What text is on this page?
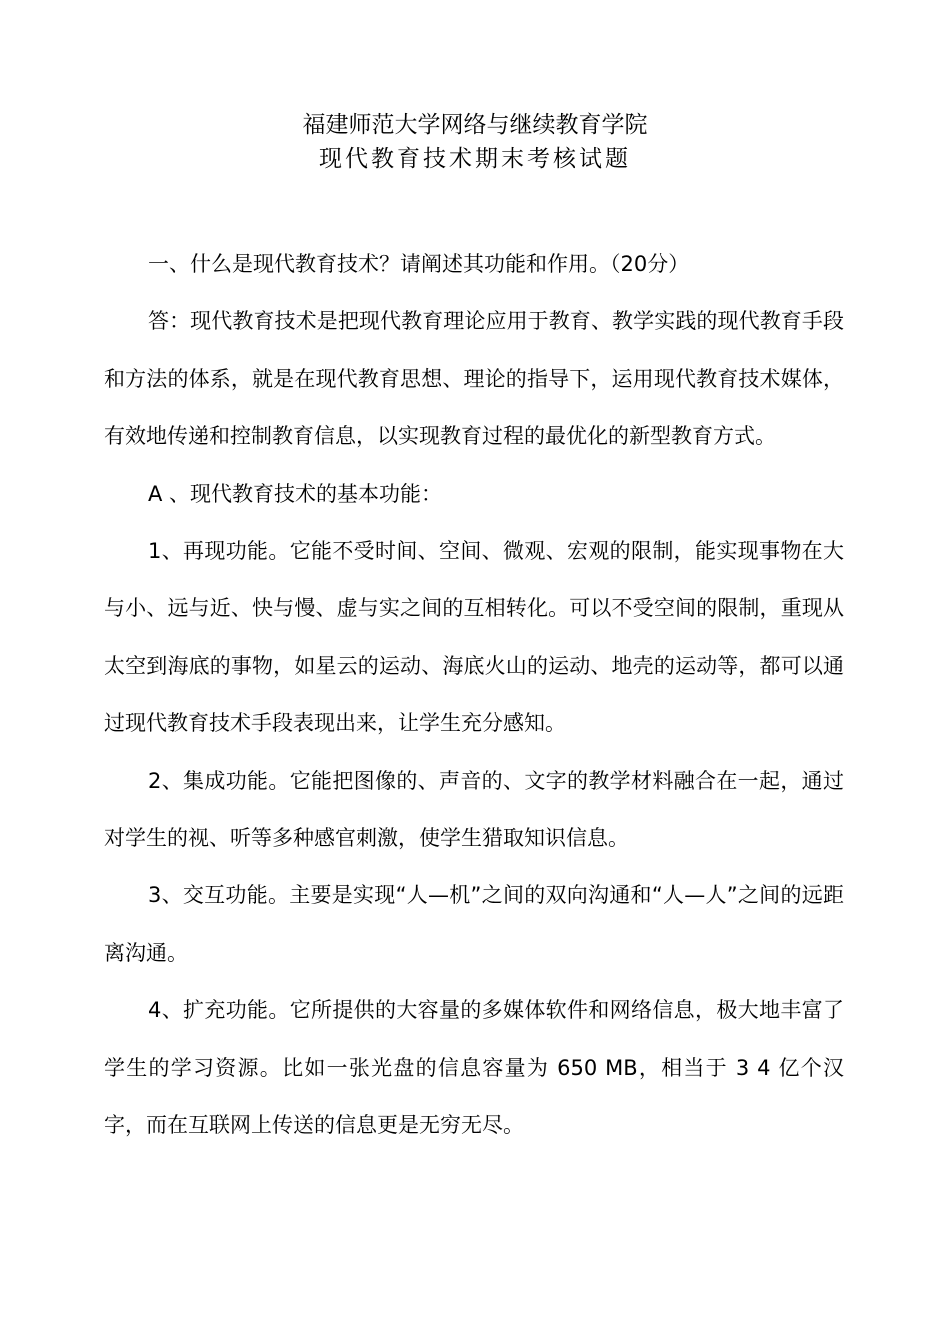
福建师范大学网络与继续教育学院
现代教育技术期末考核试题

一、什么是现代教育技术？请阐述其功能和作用。（20分）

答：现代教育技术是把现代教育理论应用于教育、教学实践的现代教育手段和方法的体系，就是在现代教育思想、理论的指导下，运用现代教育技术媒体，有效地传递和控制教育信息，以实现教育过程的最优化的新型教育方式。

A 、现代教育技术的基本功能：

1、再现功能。它能不受时间、空间、微观、宏观的限制，能实现事物在大与小、远与近、快与慢、虚与实之间的互相转化。可以不受空间的限制，重现从太空到海底的事物，如星云的运动、海底火山的运动、地壳的运动等，都可以通过现代教育技术手段表现出来，让学生充分感知。

2、集成功能。它能把图像的、声音的、文字的教学材料融合在一起，通过对学生的视、听等多种感官刺激，使学生猎取知识信息。

3、交互功能。主要是实现“人—机”之间的双向沟通和“人—人”之间的远距离沟通。

4、扩充功能。它所提供的大容量的多媒体软件和网络信息，极大地丰富了学生的学习资源。比如一张光盘的信息容量为 650 MB，相当于 3 4 亿个汉字，而在互联网上传送的信息更是无穷无尽。
